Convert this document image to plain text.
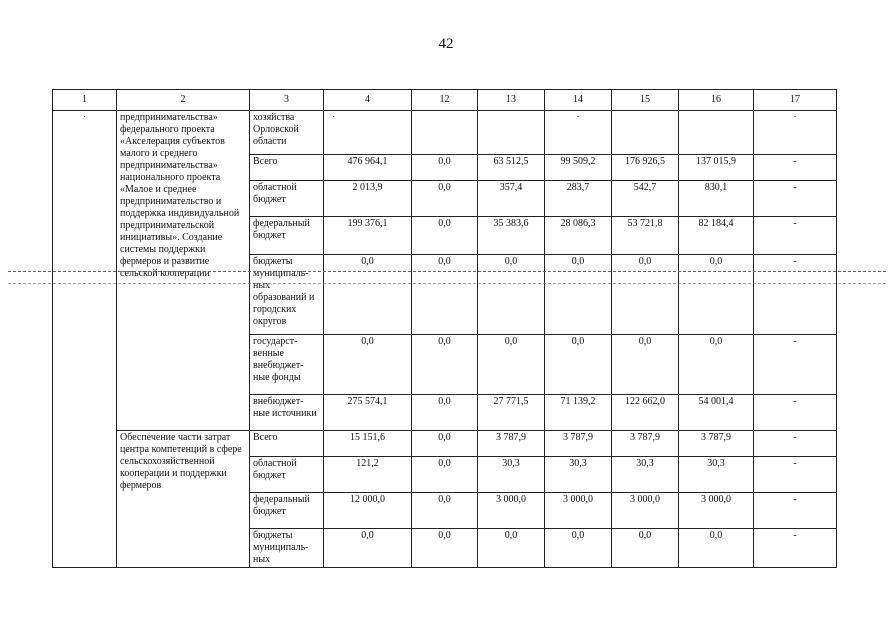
42
1	2	3	4	12	13	14	15	16	17
·	предпринимательства» федерального проекта «Акселерация субъектов малого и среднего предпринимательства» национального проекта «Малое и среднее предпринимательство и поддержка индивидуальной предпринимательской инициативы». Создание системы поддержки фермеров и развитие сельской кооперации	хозяйства Орловской области	·			·			·
		Всего	476 964,1	0,0	63 512,5	99 509,2	176 926,5	137 015,9	-
		областной бюджет	2 013,9	0,0	357,4	283,7	542,7	830,1	-
		федеральный бюджет	199 376,1	0,0	35 383,6	28 086,3	53 721,8	82 184,4	-
		бюджеты муниципаль- ных образований и городских округов	0,0	0,0	0,0	0,0	0,0	0,0	-
		государст- венные внебюджет- ные фонды	0,0	0,0	0,0	0,0	0,0	0,0	-
		внебюджет- ные источники	275 574,1	0,0	27 771,5	71 139,2	122 662,0	54 001,4	-
	Обеспечение части затрат центра компетенций в сфере сельскохозяйственной кооперации и поддержки фермеров	Всего	15 151,6	0,0	3 787,9	3 787,9	3 787,9	3 787,9	-
		областной бюджет	121,2	0,0	30,3	30,3	30,3	30,3	-
		федеральный бюджет	12 000,0	0,0	3 000,0	3 000,0	3 000,0	3 000,0	-
		бюджеты муниципаль- ных	0,0	0,0	0,0	0,0	0,0	0,0	-
